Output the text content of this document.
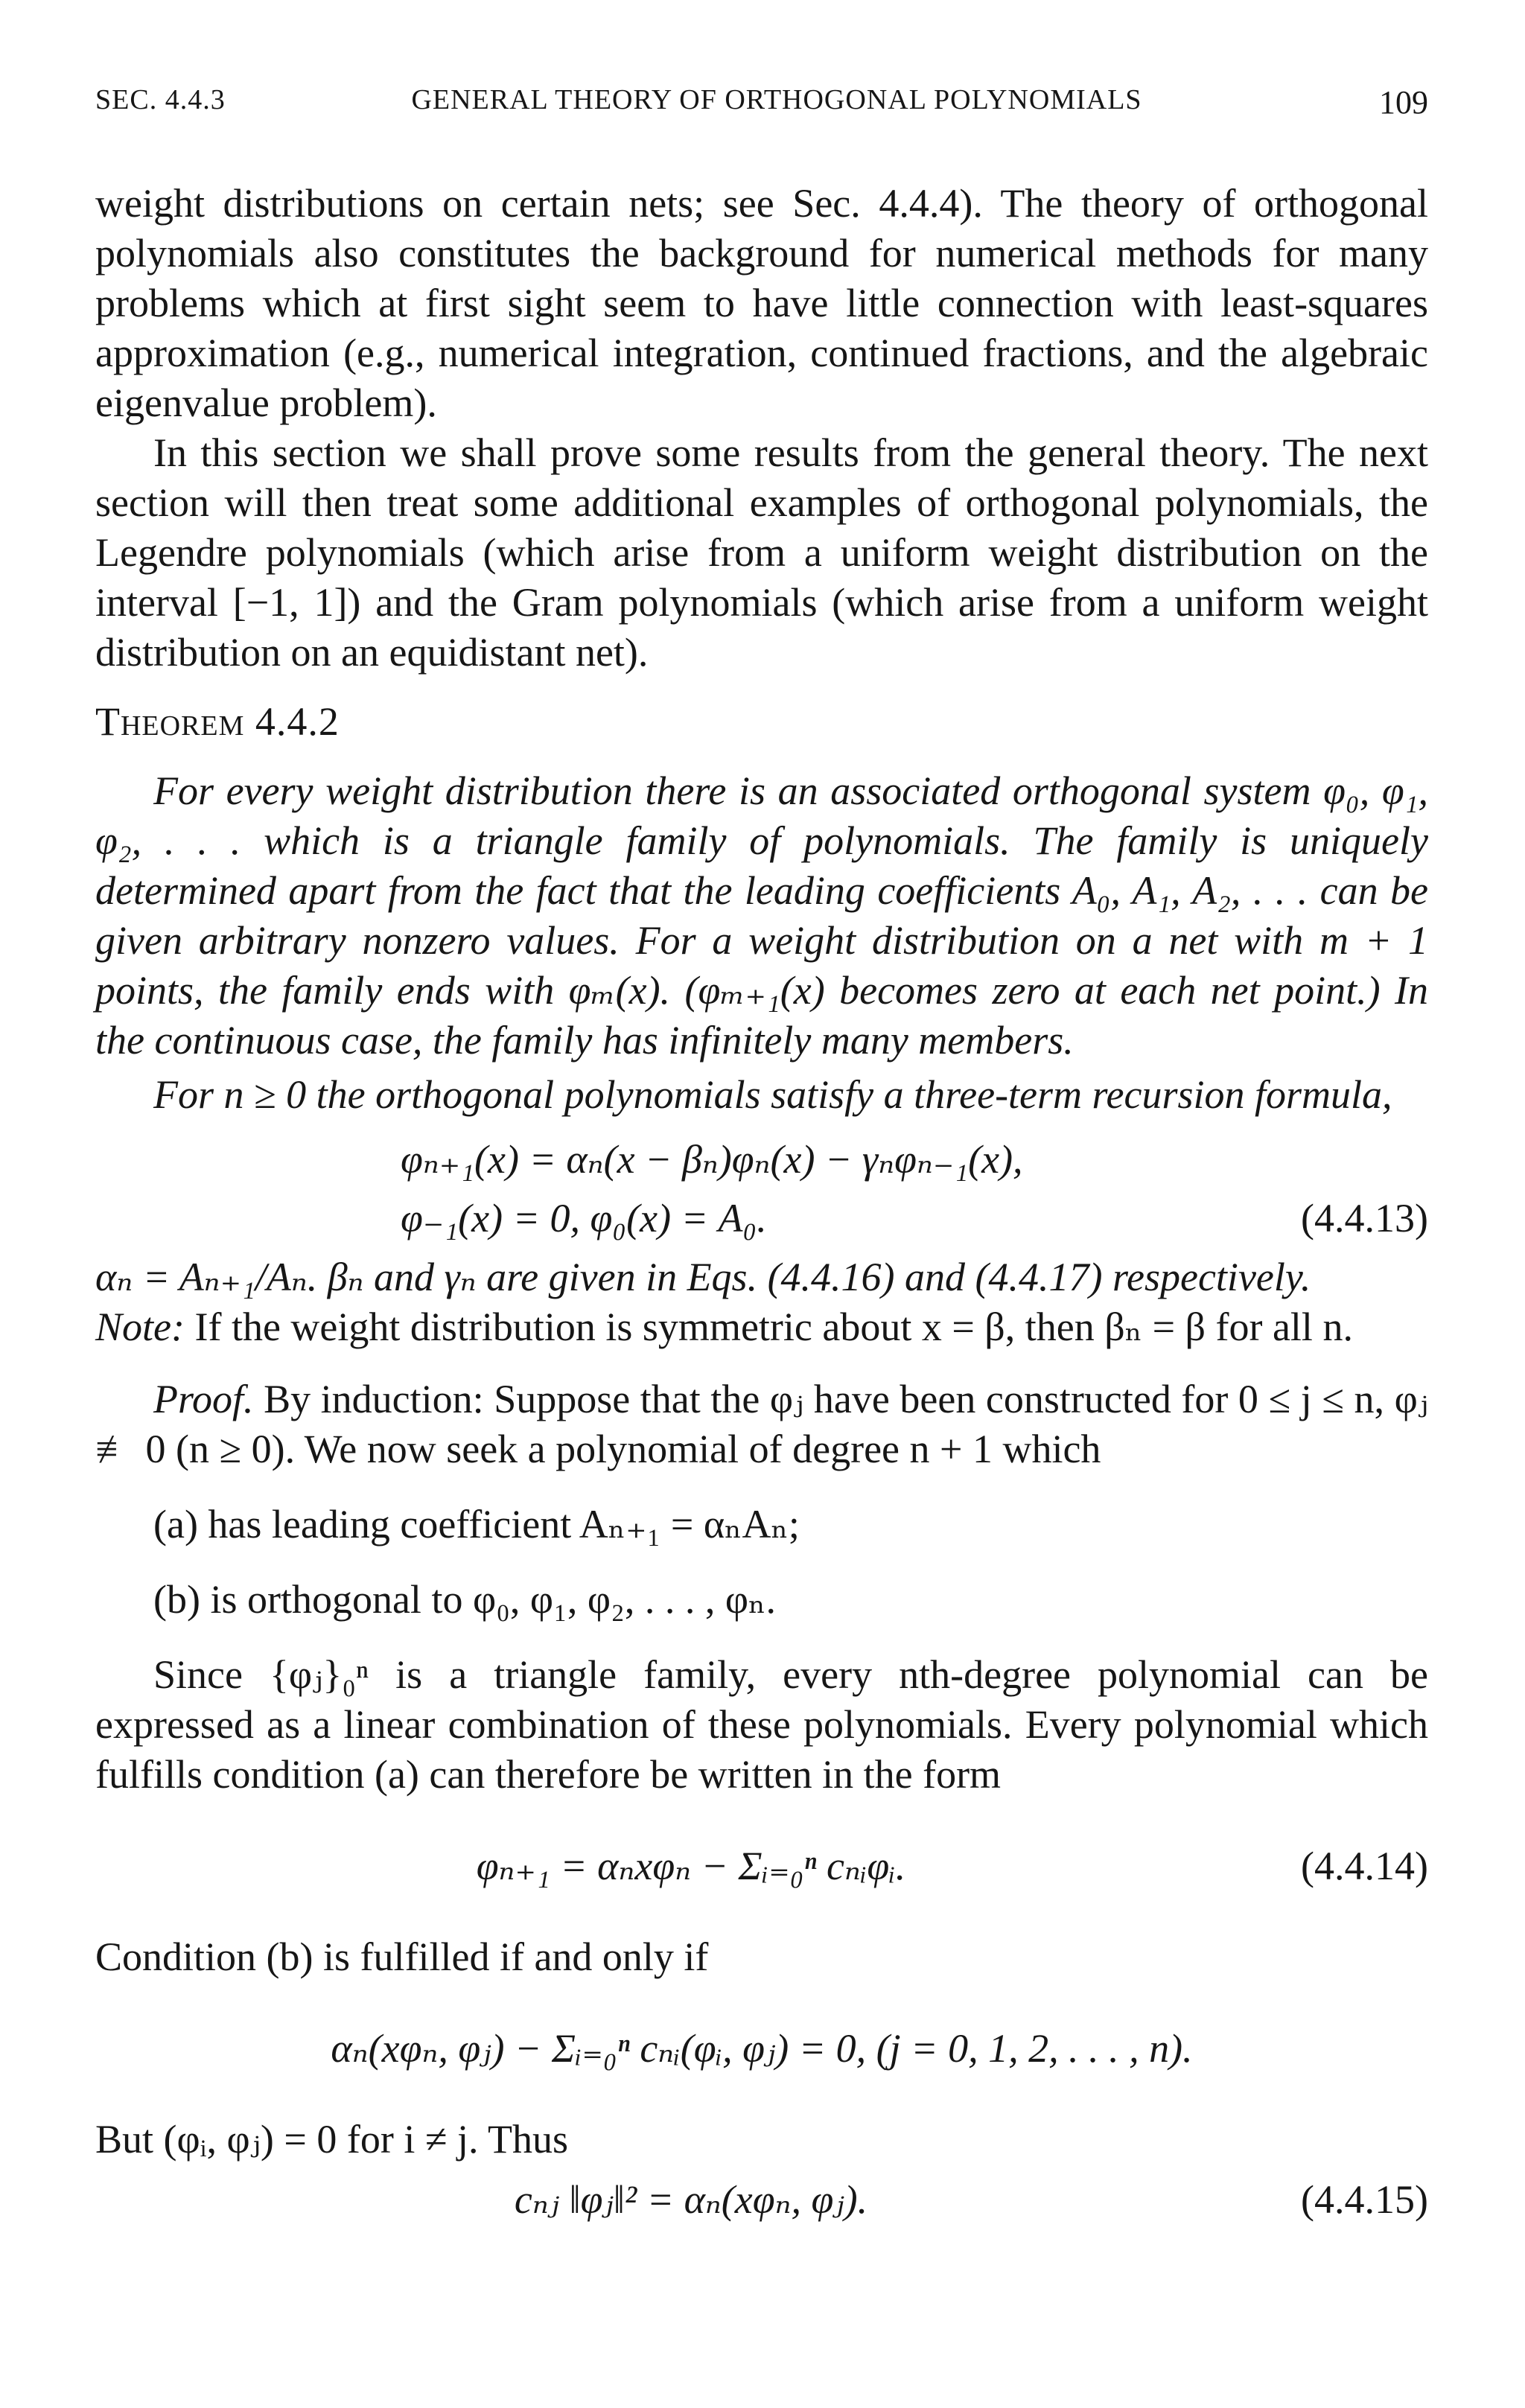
SEC. 4.4.3	GENERAL THEORY OF ORTHOGONAL POLYNOMIALS	109

weight distributions on certain nets; see Sec. 4.4.4). The theory of orthogonal polynomials also constitutes the background for numerical methods for many problems which at first sight seem to have little connection with least-squares approximation (e.g., numerical integration, continued fractions, and the algebraic eigenvalue problem).

In this section we shall prove some results from the general theory. The next section will then treat some additional examples of orthogonal polynomials, the Legendre polynomials (which arise from a uniform weight distribution on the interval [−1, 1]) and the Gram polynomials (which arise from a uniform weight distribution on an equidistant net).

Theorem 4.4.2

For every weight distribution there is an associated orthogonal system φ₀, φ₁, φ₂, . . . which is a triangle family of polynomials. The family is uniquely determined apart from the fact that the leading coefficients A₀, A₁, A₂, . . . can be given arbitrary nonzero values. For a weight distribution on a net with m + 1 points, the family ends with φₘ(x). (φₘ₊₁(x) becomes zero at each net point.) In the continuous case, the family has infinitely many members.

For n ≥ 0 the orthogonal polynomials satisfy a three-term recursion formula,

φₙ₊₁(x) = αₙ(x − βₙ)φₙ(x) − γₙφₙ₋₁(x),
φ₋₁(x) = 0, φ₀(x) = A₀.	(4.4.13)

αₙ = Aₙ₊₁/Aₙ. βₙ and γₙ are given in Eqs. (4.4.16) and (4.4.17) respectively.

Note: If the weight distribution is symmetric about x = β, then βₙ = β for all n.

Proof. By induction: Suppose that the φⱼ have been constructed for 0 ≤ j ≤ n, φⱼ ≢ 0 (n ≥ 0). We now seek a polynomial of degree n + 1 which

(a) has leading coefficient Aₙ₊₁ = αₙAₙ;

(b) is orthogonal to φ₀, φ₁, φ₂, . . . , φₙ.

Since {φⱼ}₀ⁿ is a triangle family, every nth-degree polynomial can be expressed as a linear combination of these polynomials. Every polynomial which fulfills condition (a) can therefore be written in the form

φₙ₊₁ = αₙxφₙ − Σᵢ₌₀ⁿ cₙᵢφᵢ.	(4.4.14)

Condition (b) is fulfilled if and only if

αₙ(xφₙ, φⱼ) − Σᵢ₌₀ⁿ cₙᵢ(φᵢ, φⱼ) = 0, (j = 0, 1, 2, . . . , n).

But (φᵢ, φⱼ) = 0 for i ≠ j. Thus

cₙⱼ ‖φⱼ‖² = αₙ(xφₙ, φⱼ).	(4.4.15)
